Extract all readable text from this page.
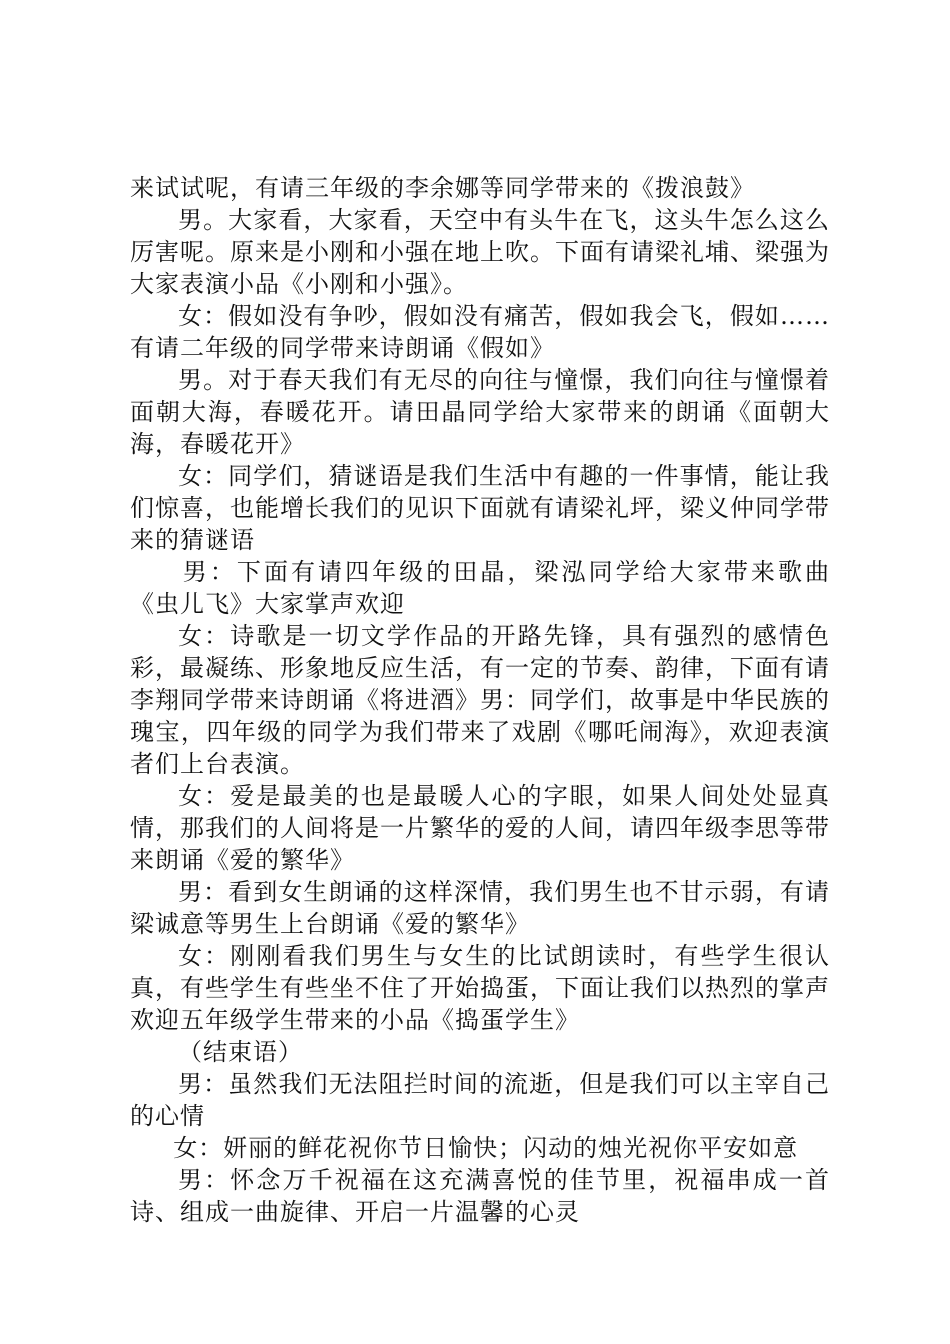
来试试呢，有请三年级的李余娜等同学带来的《拨浪鼓》

男。大家看，大家看，天空中有头牛在飞，这头牛怎么这么厉害呢。原来是小刚和小强在地上吹。下面有请梁礼埔、梁强为大家表演小品《小刚和小强》。

女：假如没有争吵，假如没有痛苦，假如我会飞，假如……有请二年级的同学带来诗朗诵《假如》

男。对于春天我们有无尽的向往与憧憬，我们向往与憧憬着面朝大海，春暖花开。请田晶同学给大家带来的朗诵《面朝大海，春暖花开》

女：同学们，猜谜语是我们生活中有趣的一件事情，能让我们惊喜，也能增长我们的见识下面就有请梁礼坪，梁义仲同学带来的猜谜语

男：下面有请四年级的田晶，梁泓同学给大家带来歌曲《虫儿飞》大家掌声欢迎

女：诗歌是一切文学作品的开路先锋，具有强烈的感情色彩，最凝练、形象地反应生活，有一定的节奏、韵律，下面有请李翔同学带来诗朗诵《将进酒》男：同学们，故事是中华民族的瑰宝，四年级的同学为我们带来了戏剧《哪吒闹海》，欢迎表演者们上台表演。

女：爱是最美的也是最暖人心的字眼，如果人间处处显真情，那我们的人间将是一片繁华的爱的人间，请四年级李思等带来朗诵《爱的繁华》

男：看到女生朗诵的这样深情，我们男生也不甘示弱，有请梁诚意等男生上台朗诵《爱的繁华》

女：刚刚看我们男生与女生的比试朗读时，有些学生很认真，有些学生有些坐不住了开始捣蛋，下面让我们以热烈的掌声欢迎五年级学生带来的小品《捣蛋学生》

（结束语）

男：虽然我们无法阻拦时间的流逝，但是我们可以主宰自己的心情

女：妍丽的鲜花祝你节日愉快；闪动的烛光祝你平安如意

男：怀念万千祝福在这充满喜悦的佳节里，祝福串成一首诗、组成一曲旋律、开启一片温馨的心灵
